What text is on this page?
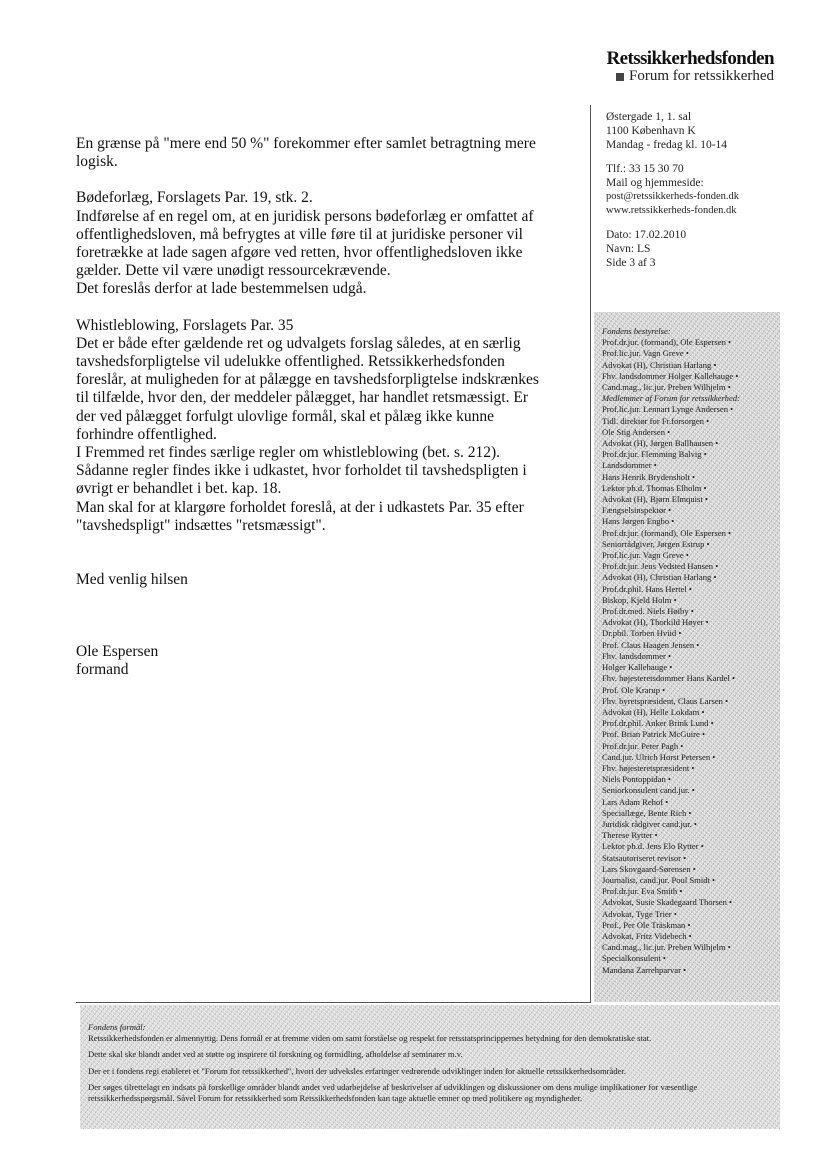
Retssikkerhedsfonden
Forum for retssikkerhed
Østergade 1, 1. sal
1100 København K
Mandag - fredag kl. 10-14
Tlf.: 33 15 30 70
Mail og hjemmeside:
post@retssikkerheds-fonden.dk
www.retssikkerheds-fonden.dk
Dato: 17.02.2010
Navn: LS
Side 3 af 3
Fondens bestyrelse:
Prof.dr.jur. (formand), Ole Espersen •
Prof.lic.jur. Vagn Greve •
Advokat (H), Christian Harlang •
Fhv. landsdommer Holger Kallehauge •
Cand.mag., lic.jur. Preben Wilhjelm •
Medlemmer af Forum for retssikkerhed:
Prof.lic.jur. Lennart Lynge Andersen •
Tidl. direktør for Fr.forsorgen •
Ole Stig Andersen •
Advokat (H), Jørgen Ballhausen •
Prof.dr.jur. Flemming Balvig •
Landsdommer •
Hans Henrik Brydensholt •
Lektor ph.d. Thomas Elholm •
Advokat (H), Bjørn Elmquist •
Fængselsinspektør •
Hans Jørgen Engbo •
Prof.dr.jur. (formand), Ole Espersen •
Seniorrådgiver, Jørgen Estrup •
Prof.lic.jur. Vagn Greve •
Prof.dr.jur. Jens Vedsted Hansen •
Advokat (H), Christian Harlang •
Prof.dr.phil. Hans Hertel •
Biskop, Kjeld Holm •
Prof.dr.med. Niels Høiby •
Advokat (H), Thorkild Høyer •
Dr.phil. Torben Hviid •
Prof. Claus Haagen Jensen •
Fhv. landsdommer •
Holger Kallehauge •
Fhv. højesteretsdommer Hans Kardel •
Prof. Ole Krarup •
Fhv. byretspræsident, Claus Larsen •
Advokat (H), Helle Lokdam •
Prof.dr.phil. Anker Brink Lund •
Prof. Brian Patrick McGuire •
Prof.dr.jur. Peter Pagh •
Cand.jur. Ulrich Horst Petersen •
Fhv. højesteretspræsident •
Niels Pontoppidan •
Seniorkonsulent cand.jur. •
Lars Adam Rehof •
Speciallæge, Bente Rich •
Juridisk rådgiver cand.jur. •
Therese Rytter •
Lektor ph.d. Jens Elo Rytter •
Statsautoriseret revisor •
Lars Skovgaard-Sørensen •
Journalist, cand.jur. Poul Smidt •
Prof.dr.jur. Eva Smith •
Advokat, Susie Skadegaard Thorsen •
Advokat, Tyge Trier •
Prof., Per Ole Träskman •
Advokat, Fritz Videbech •
Cand.mag., lic.jur. Preben Wilhjelm •
Specialkonsulent •
Mandana Zarrehparvar •
Fondens formål:

Retssikkerhedsfonden er almennyttig. Dens formål er at fremme viden om samt forståelse og respekt for retsstatsprincippernes betydning for den demokratiske stat.

Dette skal ske blandt andet ved at støtte og inspirere til forskning og formidling, afholdelse af seminarer m.v.

Der er i fondens regi etableret et "Forum for retssikkerhed", hvori der udveksles erfaringer vedrørende udviklinger inden for aktuelle retssikkerhedsområder.

Der søges tilrettelagt en indsats på forskellige områder blandt andet ved udarbejdelse af beskrivelser af udviklingen og diskussioner om dens mulige implikationer for væsentlige retssikkerhedsspørgsmål. Såvel Forum for retssikkerhed som Retssikkerhedsfonden kan tage aktuelle emner op med politikere og myndigheder.

En grænse på "mere end 50 %" forekommer efter samlet betragtning mere

logisk.

Bødeforlæg, Forslagets Par. 19, stk. 2.

Indførelse af en regel om, at en juridisk persons bødeforlæg er omfattet af

offentlighedsloven, må befrygtes at ville føre til at juridiske personer vil

foretrække at lade sagen afgøre ved retten, hvor offentlighedsloven ikke

gælder. Dette vil være unødigt ressourcekrævende.

Det foreslås derfor at lade bestemmelsen udgå.

Whistleblowing, Forslagets Par. 35

Det er både efter gældende ret og udvalgets forslag således, at en særlig

tavshedsforpligtelse vil udelukke offentlighed. Retssikkerhedsfonden

foreslår, at muligheden for at pålægge en tavshedsforpligtelse indskrænkes

til tilfælde, hvor den, der meddeler pålægget, har handlet retsmæssigt. Er

der ved pålægget forfulgt ulovlige formål, skal et pålæg ikke kunne

forhindre offentlighed.

I Fremmed ret findes særlige regler om whistleblowing (bet. s. 212).

Sådanne regler findes ikke i udkastet, hvor forholdet til tavshedspligten i

øvrigt er behandlet i bet. kap. 18.

Man skal for at klargøre forholdet foreslå, at der i udkastets Par. 35 efter

"tavshedspligt" indsættes "retsmæssigt".

Med venlig hilsen

Ole Espersen

formand
